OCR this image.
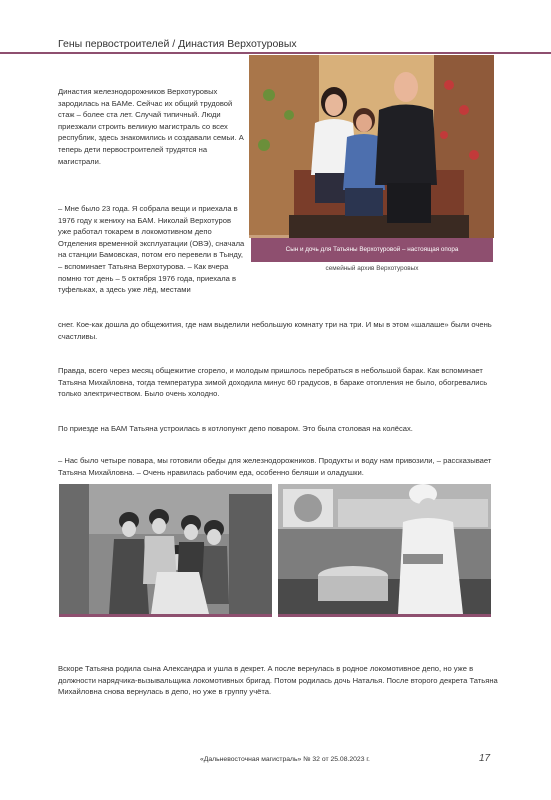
Гены первостроителей / Династия Верхотуровых

Династия железнодорожников Верхотуровых зародилась на БАМе. Сейчас их общий трудовой стаж – более ста лет. Случай типичный. Люди приезжали строить великую магистраль со всех республик, здесь знакомились и создавали семьи. А теперь дети первостроителей трудятся на магистрали.

– Мне было 23 года. Я собрала вещи и приехала в 1976 году к жениху на БАМ. Николай Верхотуров уже работал токарем в локомотивном депо Отделения временной эксплуатации (ОВЭ), сначала на станции Бамовская, потом его перевели в Тынду, – вспоминает Татьяна Верхотурова. – Как вчера помню тот день – 5 октября 1976 года, приехала в туфельках, а здесь уже лёд, местами

Сын и дочь для Татьяны Верхотуровой – настоящая опора
семейный архив Верхотуровых

снег. Кое-как дошла до общежития, где нам выделили небольшую комнату три на три. И мы в этом «шалаше» были очень счастливы.

Правда, всего через месяц общежитие сгорело, и молодым пришлось перебраться в небольшой барак. Как вспоминает Татьяна Михайловна, тогда температура зимой доходила минус 60 градусов, в бараке отопления не было, обогревались только электричеством. Было очень холодно.

По приезде на БАМ Татьяна устроилась в котлопункт депо поваром. Это была столовая на колёсах.

– Нас было четыре повара, мы готовили обеды для железнодорожников. Продукты и воду нам привозили, – рассказывает Татьяна Михайловна. – Очень нравилась рабочим еда, особенно беляши и оладушки.

Вскоре Татьяна родила сына Александра и ушла в декрет. А после вернулась в родное локомотивное депо, но уже в должности нарядчика-вызывальщика локомотивных бригад. Потом родилась дочь Наталья. После второго декрета Татьяна Михайловна снова вернулась в депо, но уже в группу учёта.

«Дальневосточная магистраль» № 32 от 25.08.2023 г.	17
